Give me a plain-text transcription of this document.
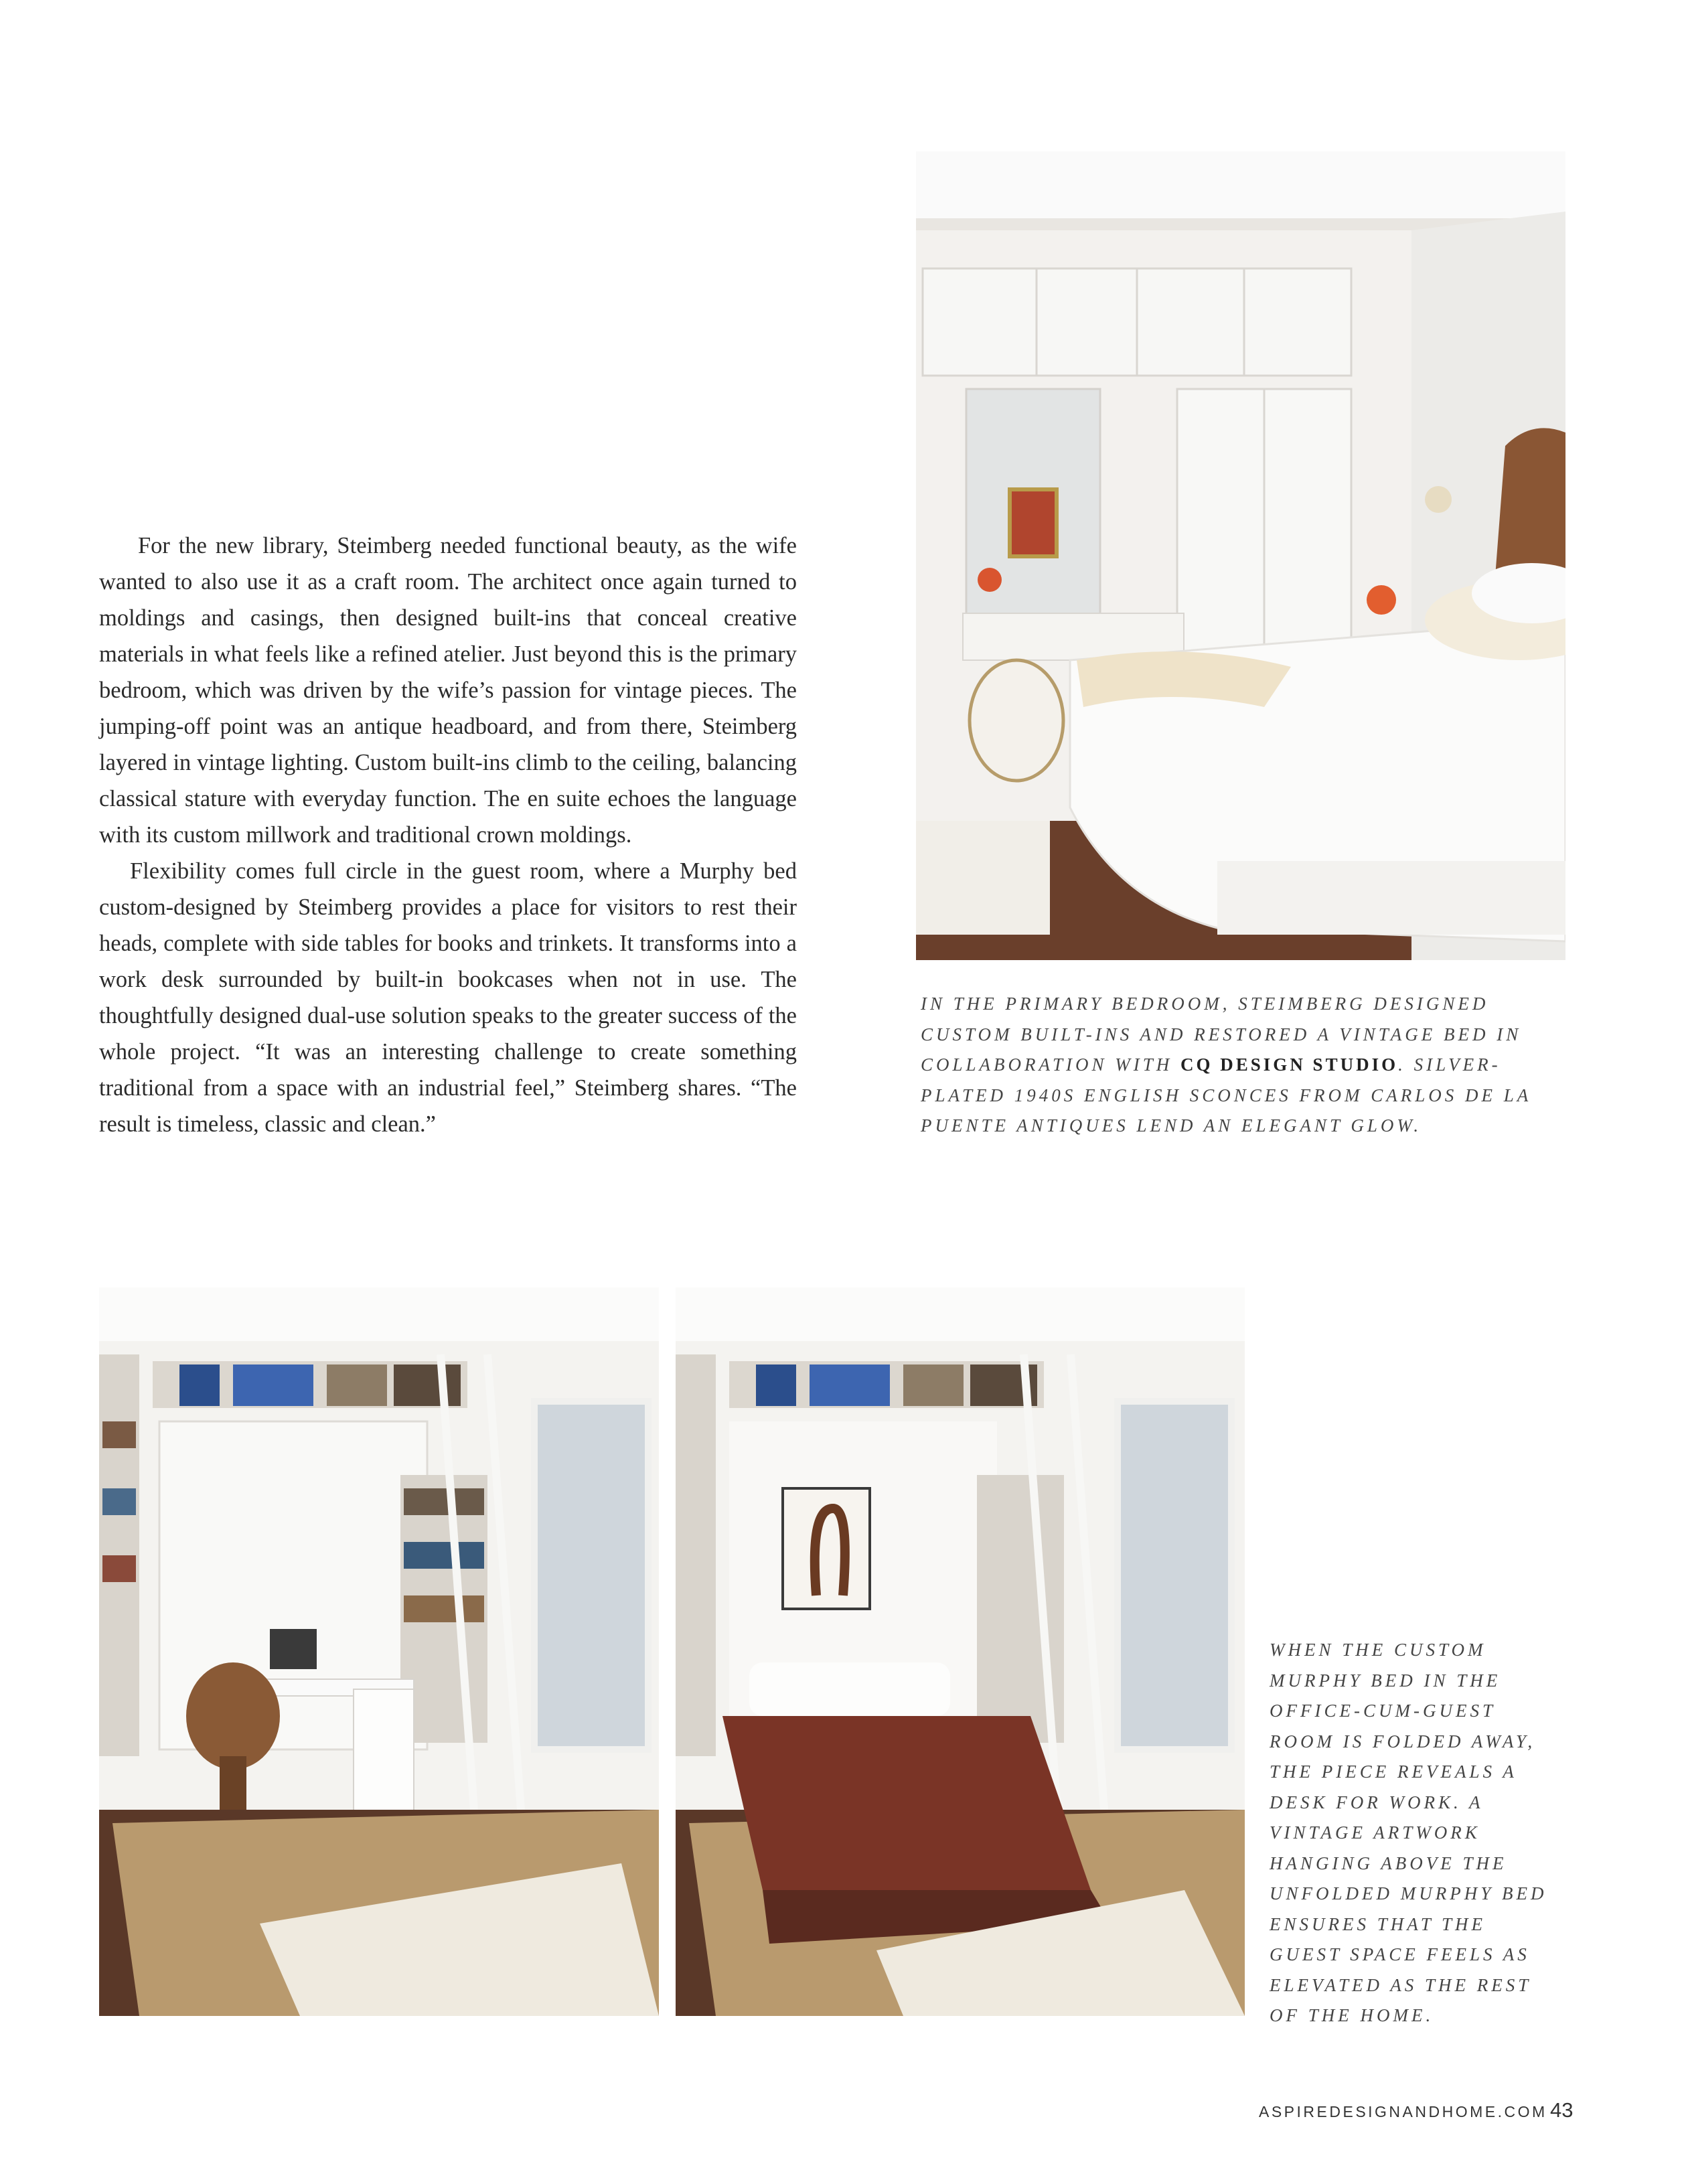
For the new library, Steimberg needed functional beauty, as the wife wanted to also use it as a craft room. The architect once again turned to moldings and casings, then designed built-ins that conceal creative materials in what feels like a refined atelier. Just beyond this is the primary bedroom, which was driven by the wife’s passion for vintage pieces. The jumping-off point was an antique headboard, and from there, Steimberg layered in vintage lighting. Custom built-ins climb to the ceiling, balancing classical stature with everyday function. The en suite echoes the language with its custom millwork and traditional crown moldings.

Flexibility comes full circle in the guest room, where a Murphy bed custom-designed by Steimberg provides a place for visitors to rest their heads, complete with side tables for books and trinkets. It transforms into a work desk surrounded by built-in bookcases when not in use. The thoughtfully designed dual-use solution speaks to the greater success of the whole project. “It was an interesting challenge to create something traditional from a space with an industrial feel,” Steimberg shares. “The result is timeless, classic and clean.”

IN THE PRIMARY BEDROOM, STEIMBERG DESIGNED CUSTOM BUILT-INS AND RESTORED A VINTAGE BED IN COLLABORATION WITH CQ DESIGN STUDIO. SILVER-PLATED 1940S ENGLISH SCONCES FROM CARLOS DE LA PUENTE ANTIQUES LEND AN ELEGANT GLOW.

WHEN THE CUSTOM MURPHY BED IN THE OFFICE-CUM-GUEST ROOM IS FOLDED AWAY, THE PIECE REVEALS A DESK FOR WORK. A VINTAGE ARTWORK HANGING ABOVE THE UNFOLDED MURPHY BED ENSURES THAT THE GUEST SPACE FEELS AS ELEVATED AS THE REST OF THE HOME.

ASPIREDESIGNANDHOME.COM 43
